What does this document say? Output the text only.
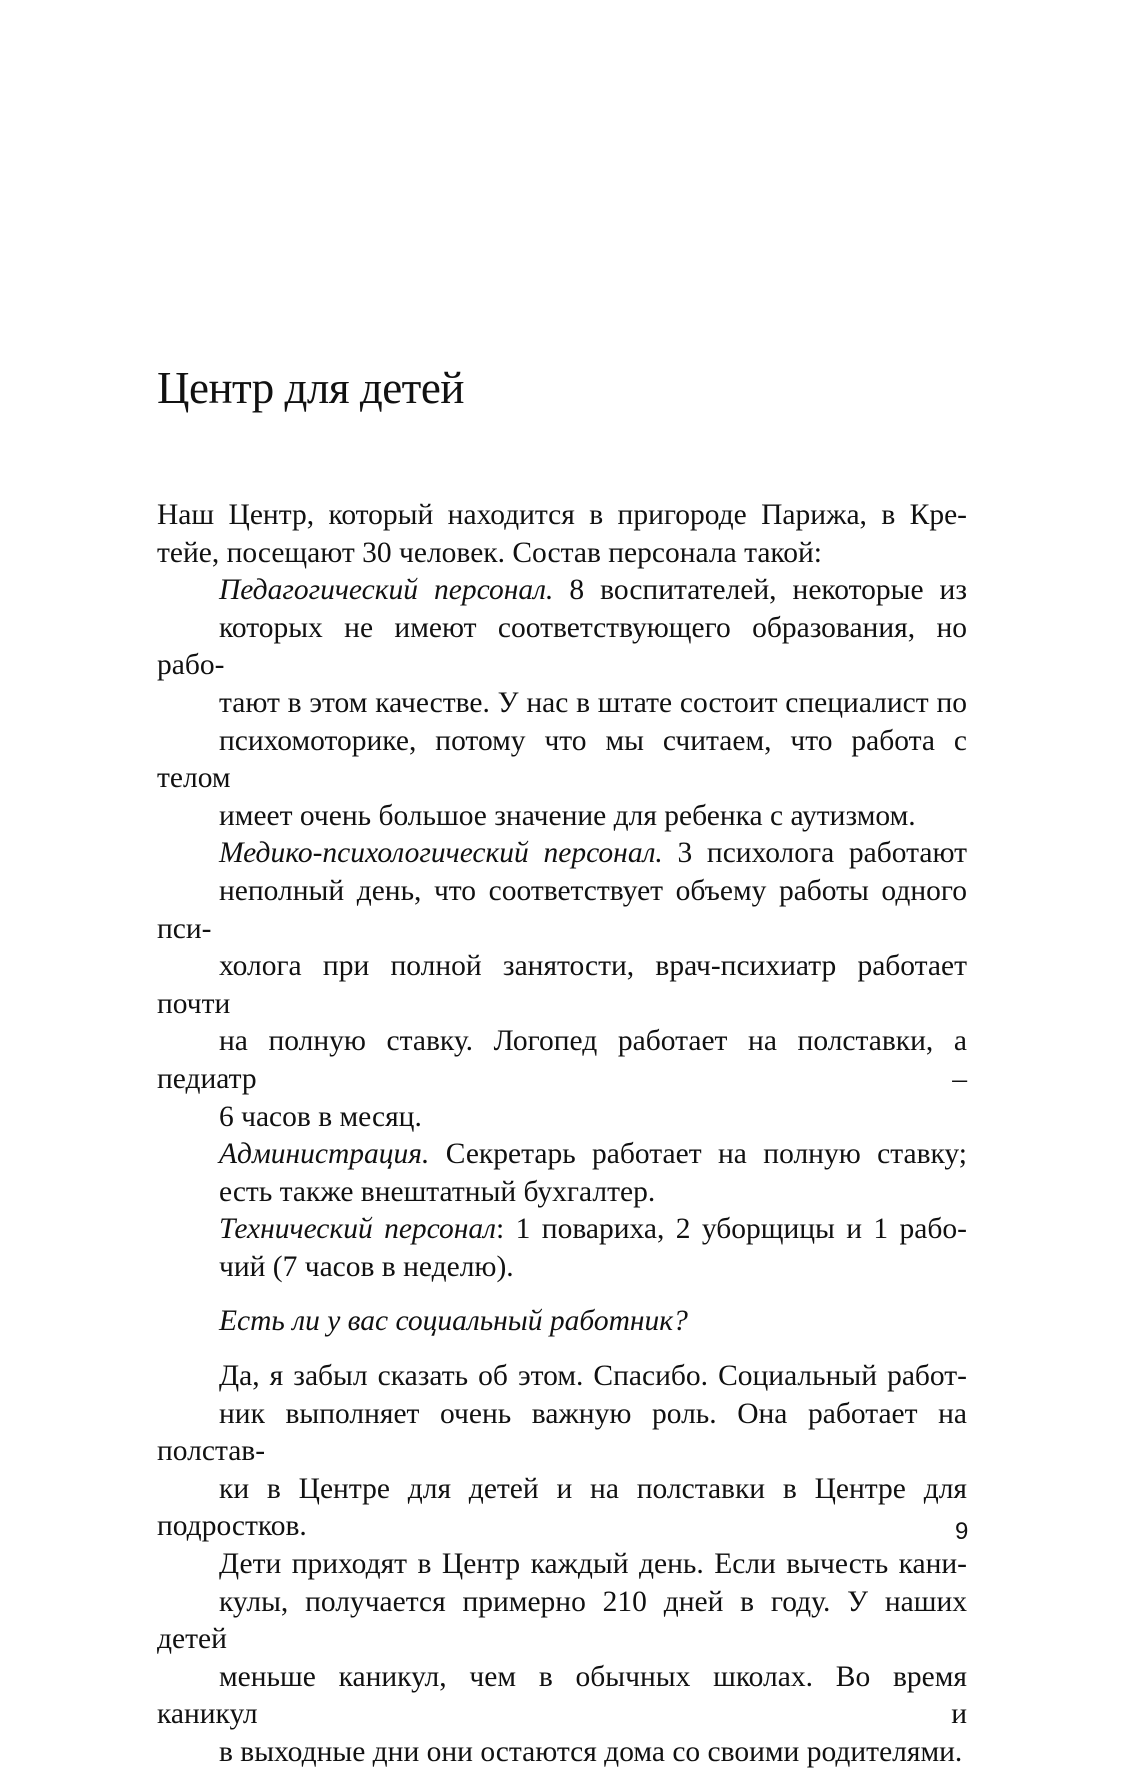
Центр для детей

Наш Центр, который находится в пригороде Парижа, в Кре-
тейе, посещают 30 человек. Состав персонала такой:

Педагогический персонал. 8 воспитателей, некоторые из
которых не имеют соответствующего образования, но рабо-
тают в этом качестве. У нас в штате состоит специалист по
психомоторике, потому что мы считаем, что работа с телом
имеет очень большое значение для ребенка с аутизмом.

Медико-психологический персонал. 3 психолога работают
неполный день, что соответствует объему работы одного пси-
холога при полной занятости, врач-психиатр работает почти
на полную ставку. Логопед работает на полставки, а педиатр –
6 часов в месяц.

Администрация. Секретарь работает на полную ставку;
есть также внештатный бухгалтер.

Технический персонал: 1 повариха, 2 уборщицы и 1 рабо-
чий (7 часов в неделю).

Есть ли у вас социальный работник?

Да, я забыл сказать об этом. Спасибо. Социальный работ-
ник выполняет очень важную роль. Она работает на полстав-
ки в Центре для детей и на полставки в Центре для подростков.

Дети приходят в Центр каждый день. Если вычесть кани-
кулы, получается примерно 210 дней в году. У наших детей
меньше каникул, чем в обычных школах. Во время каникул и
в выходные дни они остаются дома со своими родителями.

9
